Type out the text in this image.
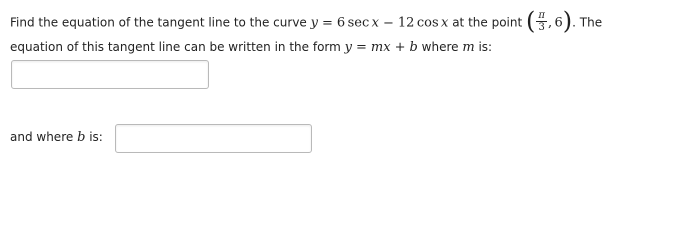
Find the equation of the tangent line to the curve y = 6  sec  x − 12  cos  x at the point ( $\frac{\pi}{3}$ ,  6). The
equation of this tangent line can be written in the form y = mx + b where m is:
and where b is:
